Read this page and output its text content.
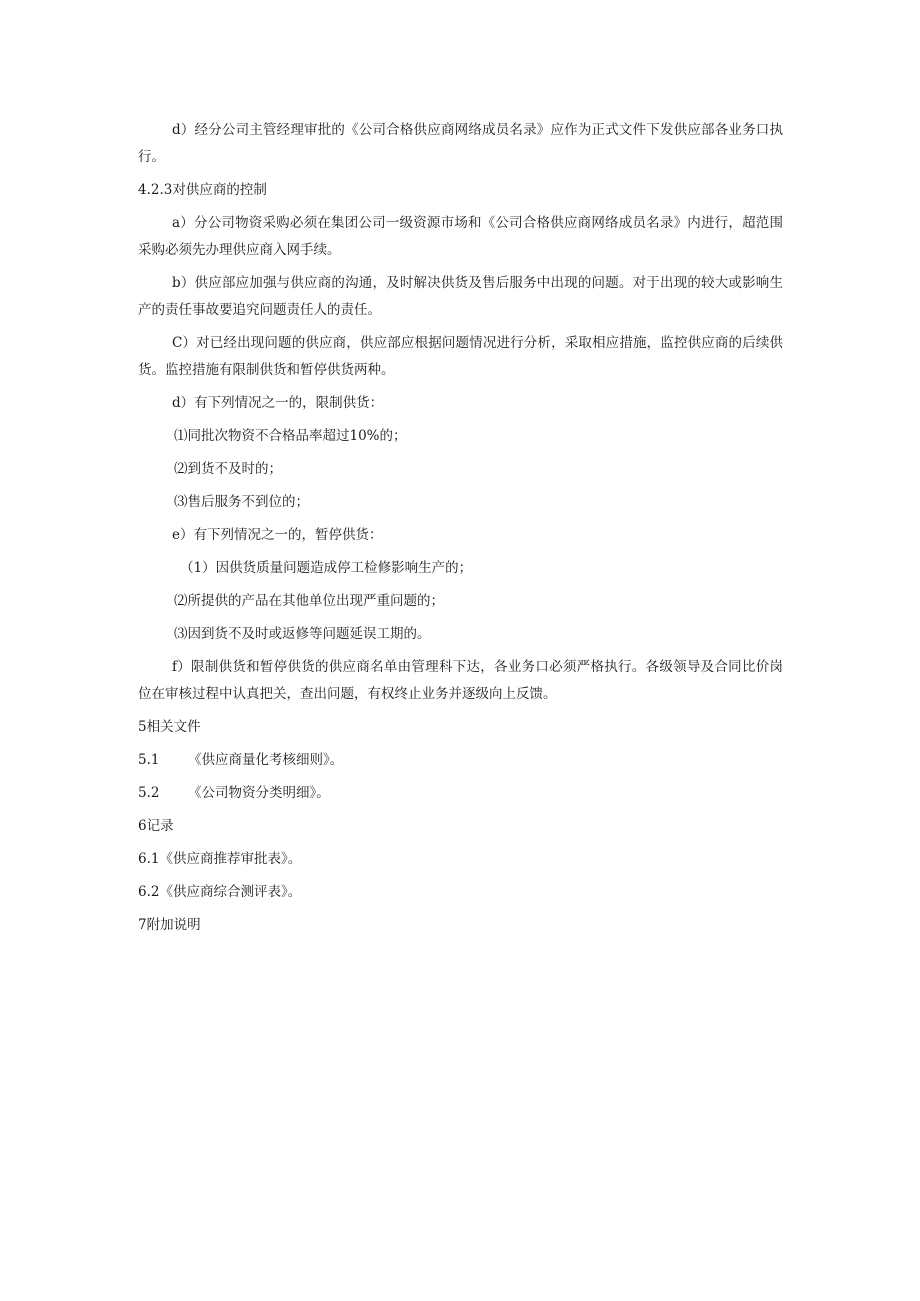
d）经分公司主管经理审批的《公司合格供应商网络成员名录》应作为正式文件下发供应部各业务口执行。

4.2.3对供应商的控制

a）分公司物资采购必须在集团公司一级资源市场和《公司合格供应商网络成员名录》内进行，超范围采购必须先办理供应商入网手续。

b）供应部应加强与供应商的沟通，及时解决供货及售后服务中出现的问题。对于出现的较大或影响生产的责任事故要追究问题责任人的责任。

C）对已经出现问题的供应商，供应部应根据问题情况进行分析，采取相应措施，监控供应商的后续供货。监控措施有限制供货和暂停供货两种。

d）有下列情况之一的，限制供货：

⑴同批次物资不合格品率超过10%的；

⑵到货不及时的；

⑶售后服务不到位的；

e）有下列情况之一的，暂停供货：

（1）因供货质量问题造成停工检修影响生产的；

⑵所提供的产品在其他单位出现严重问题的；

⑶因到货不及时或返修等问题延误工期的。

f）限制供货和暂停供货的供应商名单由管理科下达，各业务口必须严格执行。各级领导及合同比价岗位在审核过程中认真把关，查出问题，有权终止业务并逐级向上反馈。

5相关文件

5.1	《供应商量化考核细则》。

5.2	《公司物资分类明细》。

6记录

6.1《供应商推荐审批表》。

6.2《供应商综合测评表》。

7附加说明
